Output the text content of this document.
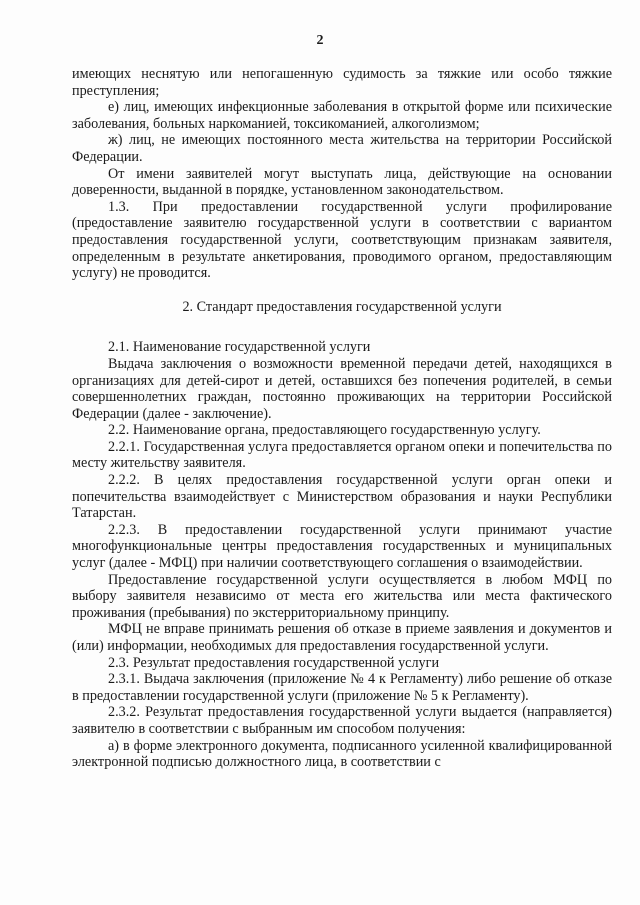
2

имеющих неснятую или непогашенную судимость за тяжкие или особо тяжкие преступления;

е) лиц, имеющих инфекционные заболевания в открытой форме или психические заболевания, больных наркоманией, токсикоманией, алкоголизмом;

ж) лиц, не имеющих постоянного места жительства на территории Российской Федерации.

От имени заявителей могут выступать лица, действующие на основании доверенности, выданной в порядке, установленном законодательством.

1.3. При предоставлении государственной услуги профилирование (предоставление заявителю государственной услуги в соответствии с вариантом предоставления государственной услуги, соответствующим признакам заявителя, определенным в результате анкетирования, проводимого органом, предоставляющим услугу) не проводится.

2. Стандарт предоставления государственной услуги

2.1. Наименование государственной услуги

Выдача заключения о возможности временной передачи детей, находящихся в организациях для детей-сирот и детей, оставшихся без попечения родителей, в семьи совершеннолетних граждан, постоянно проживающих на территории Российской Федерации (далее - заключение).

2.2. Наименование органа, предоставляющего государственную услугу.

2.2.1. Государственная услуга предоставляется органом опеки и попечительства по месту жительству заявителя.

2.2.2. В целях предоставления государственной услуги орган опеки и попечительства взаимодействует с Министерством образования и науки Республики Татарстан.

2.2.3. В предоставлении государственной услуги принимают участие многофункциональные центры предоставления государственных и муниципальных услуг (далее - МФЦ) при наличии соответствующего соглашения о взаимодействии.

Предоставление государственной услуги осуществляется в любом МФЦ по выбору заявителя независимо от места его жительства или места фактического проживания (пребывания) по экстерриториальному принципу.

МФЦ не вправе принимать решения об отказе в приеме заявления и документов и (или) информации, необходимых для предоставления государственной услуги.

2.3. Результат предоставления государственной услуги

2.3.1. Выдача заключения (приложение № 4 к Регламенту) либо решение об отказе в предоставлении государственной услуги (приложение № 5 к Регламенту).

2.3.2. Результат предоставления государственной услуги выдается (направляется) заявителю в соответствии с выбранным им способом получения:

а) в форме электронного документа, подписанного усиленной квалифицированной электронной подписью должностного лица, в соответствии с
